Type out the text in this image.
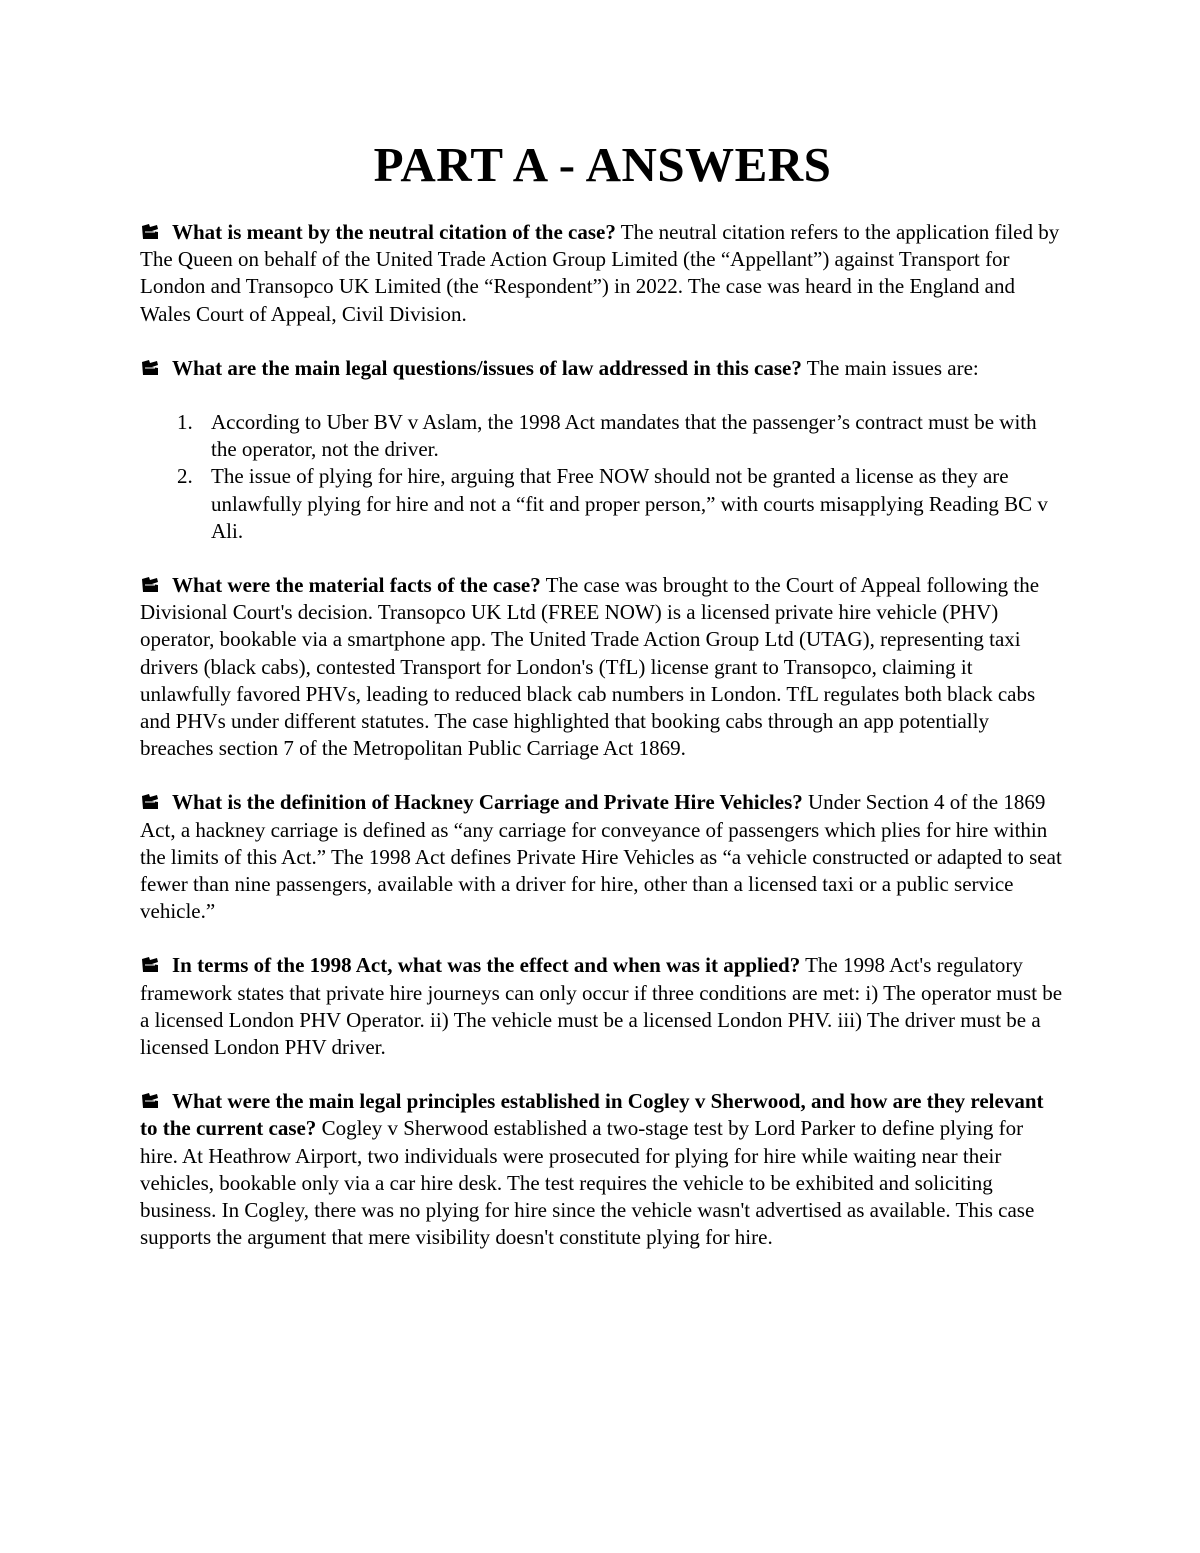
PART A - ANSWERS

What is meant by the neutral citation of the case? The neutral citation refers to the application filed by The Queen on behalf of the United Trade Action Group Limited (the “Appellant”) against Transport for London and Transopco UK Limited (the “Respondent”) in 2022. The case was heard in the England and Wales Court of Appeal, Civil Division.

What are the main legal questions/issues of law addressed in this case? The main issues are:

1. According to Uber BV v Aslam, the 1998 Act mandates that the passenger’s contract must be with the operator, not the driver.
2. The issue of plying for hire, arguing that Free NOW should not be granted a license as they are unlawfully plying for hire and not a “fit and proper person,” with courts misapplying Reading BC v Ali.

What were the material facts of the case? The case was brought to the Court of Appeal following the Divisional Court's decision. Transopco UK Ltd (FREE NOW) is a licensed private hire vehicle (PHV) operator, bookable via a smartphone app. The United Trade Action Group Ltd (UTAG), representing taxi drivers (black cabs), contested Transport for London's (TfL) license grant to Transopco, claiming it unlawfully favored PHVs, leading to reduced black cab numbers in London. TfL regulates both black cabs and PHVs under different statutes. The case highlighted that booking cabs through an app potentially breaches section 7 of the Metropolitan Public Carriage Act 1869.

What is the definition of Hackney Carriage and Private Hire Vehicles? Under Section 4 of the 1869 Act, a hackney carriage is defined as “any carriage for conveyance of passengers which plies for hire within the limits of this Act.” The 1998 Act defines Private Hire Vehicles as “a vehicle constructed or adapted to seat fewer than nine passengers, available with a driver for hire, other than a licensed taxi or a public service vehicle.”

In terms of the 1998 Act, what was the effect and when was it applied? The 1998 Act's regulatory framework states that private hire journeys can only occur if three conditions are met: i) The operator must be a licensed London PHV Operator. ii) The vehicle must be a licensed London PHV. iii) The driver must be a licensed London PHV driver.

What were the main legal principles established in Cogley v Sherwood, and how are they relevant to the current case? Cogley v Sherwood established a two-stage test by Lord Parker to define plying for hire. At Heathrow Airport, two individuals were prosecuted for plying for hire while waiting near their vehicles, bookable only via a car hire desk. The test requires the vehicle to be exhibited and soliciting business. In Cogley, there was no plying for hire since the vehicle wasn't advertised as available. This case supports the argument that mere visibility doesn't constitute plying for hire.
